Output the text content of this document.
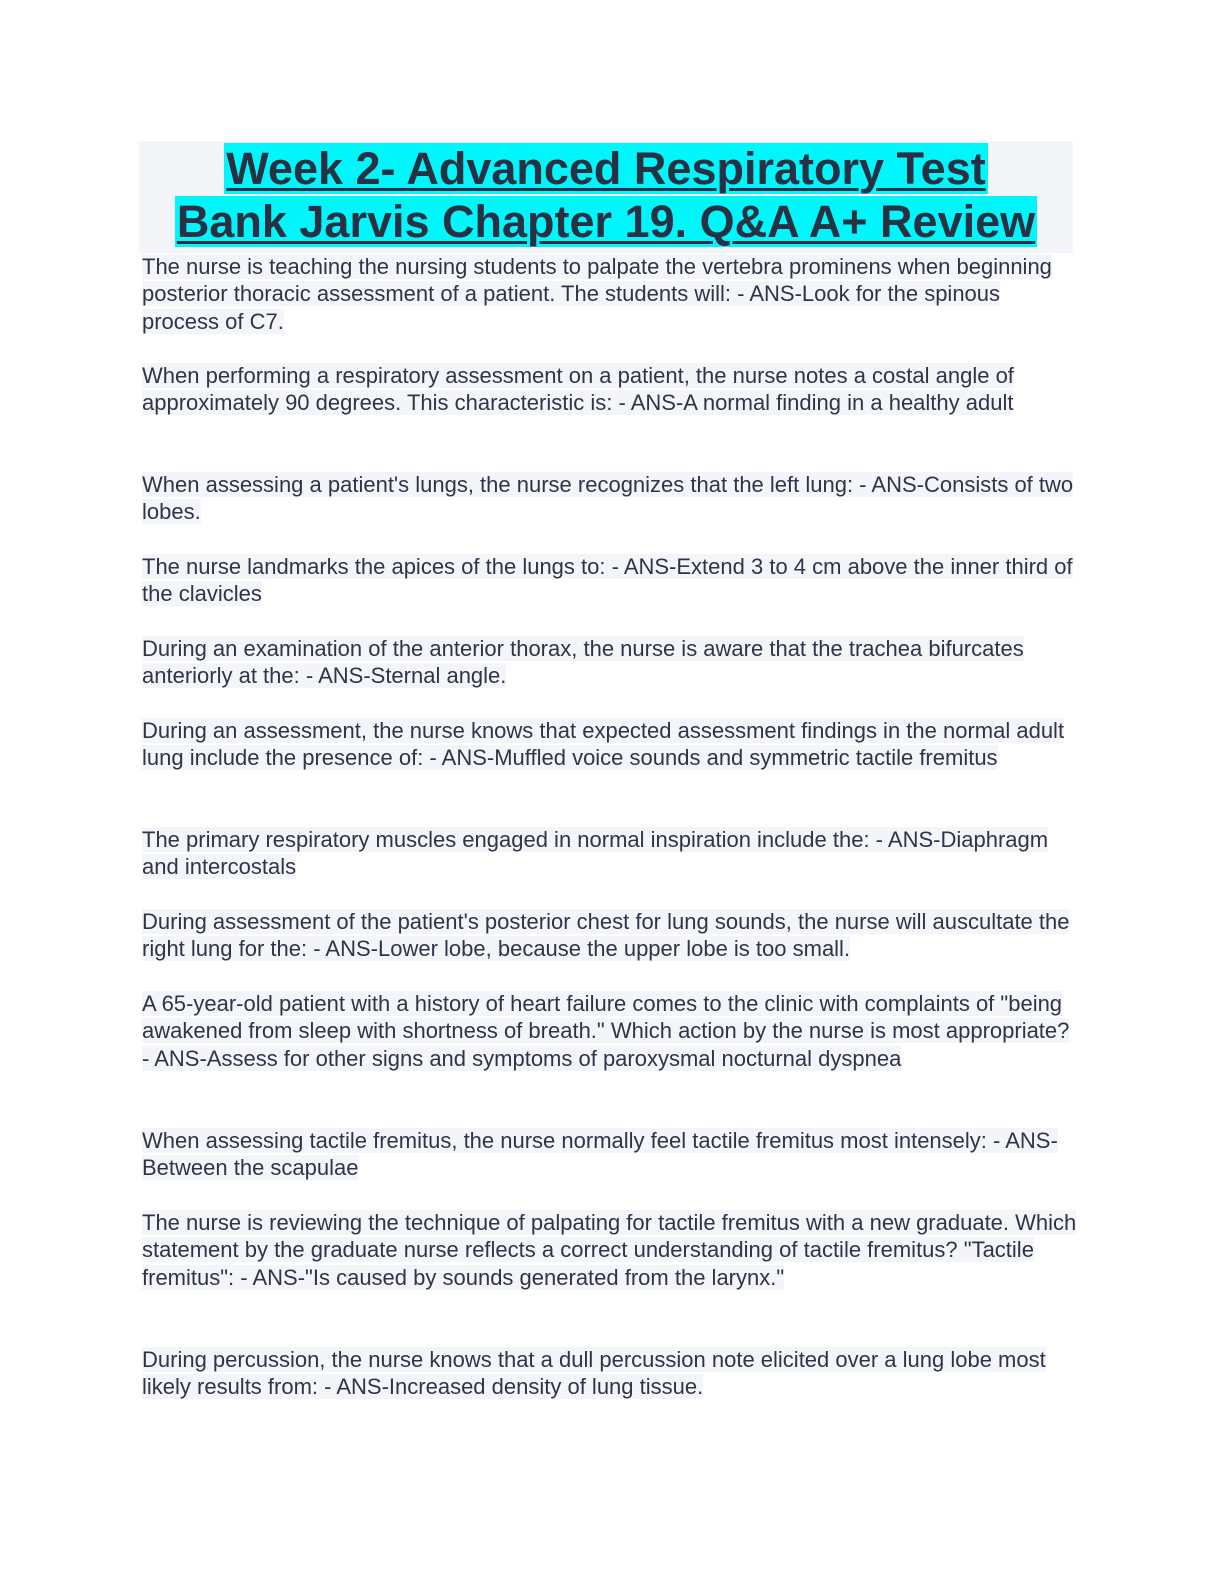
Week 2- Advanced Respiratory Test

Bank Jarvis Chapter 19. Q&A A+ Review

The nurse is teaching the nursing students to palpate the vertebra prominens when beginning posterior thoracic assessment of a patient. The students will: - ANS-Look for the spinous process of C7.

When performing a respiratory assessment on a patient, the nurse notes a costal angle of approximately 90 degrees. This characteristic is: - ANS-A normal finding in a healthy adult

When assessing a patient's lungs, the nurse recognizes that the left lung: - ANS-Consists of two lobes.

The nurse landmarks the apices of the lungs to: - ANS-Extend 3 to 4 cm above the inner third of the clavicles

During an examination of the anterior thorax, the nurse is aware that the trachea bifurcates anteriorly at the: - ANS-Sternal angle.

During an assessment, the nurse knows that expected assessment findings in the normal adult lung include the presence of: - ANS-Muffled voice sounds and symmetric tactile fremitus

The primary respiratory muscles engaged in normal inspiration include the: - ANS-Diaphragm and intercostals

During assessment of the patient's posterior chest for lung sounds, the nurse will auscultate the right lung for the: - ANS-Lower lobe, because the upper lobe is too small.

A 65-year-old patient with a history of heart failure comes to the clinic with complaints of "being awakened from sleep with shortness of breath." Which action by the nurse is most appropriate? - ANS-Assess for other signs and symptoms of paroxysmal nocturnal dyspnea

When assessing tactile fremitus, the nurse normally feel tactile fremitus most intensely: - ANS-Between the scapulae

The nurse is reviewing the technique of palpating for tactile fremitus with a new graduate. Which statement by the graduate nurse reflects a correct understanding of tactile fremitus? "Tactile fremitus": - ANS-"Is caused by sounds generated from the larynx."

During percussion, the nurse knows that a dull percussion note elicited over a lung lobe most likely results from: - ANS-Increased density of lung tissue.
